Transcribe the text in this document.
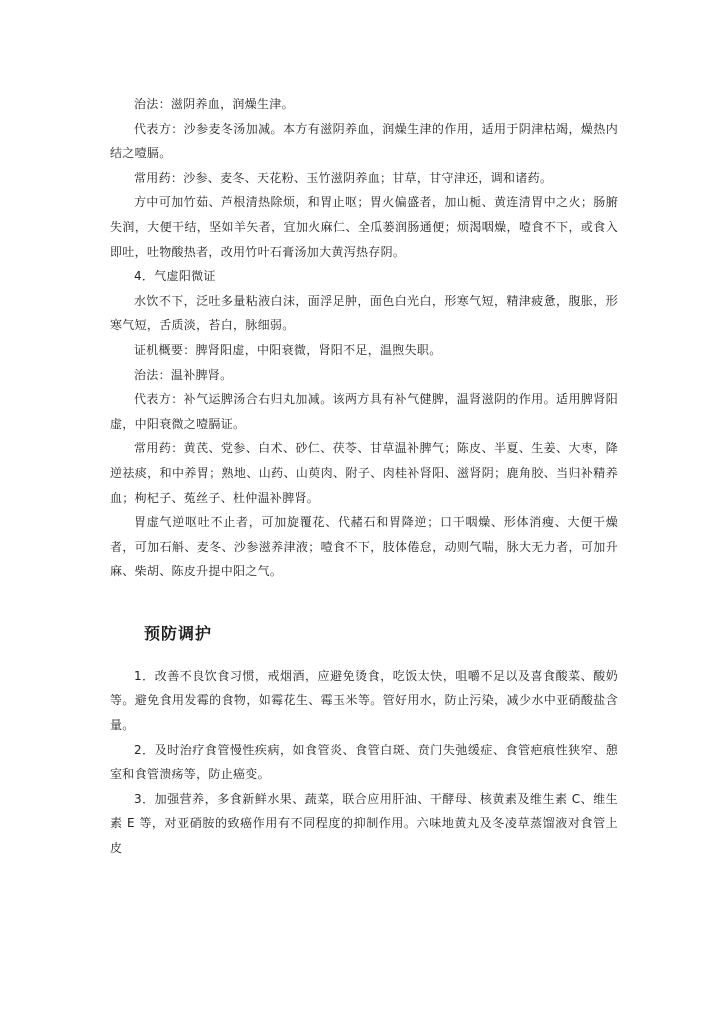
治法：滋阴养血，润燥生津。

代表方：沙参麦冬汤加减。本方有滋阴养血，润燥生津的作用，适用于阴津枯竭，燥热内结之噎膈。

常用药：沙参、麦冬、天花粉、玉竹滋阴养血；甘草，甘守津还，调和诸药。

方中可加竹茹、芦根清热除烦，和胃止呕；胃火偏盛者，加山栀、黄连清胃中之火；肠腑失润，大便干结，坚如羊矢者，宜加火麻仁、全瓜蒌润肠通便；烦渴咽燥，噎食不下，或食入即吐，吐物酸热者，改用竹叶石膏汤加大黄泻热存阴。

4．气虚阳微证

水饮不下，泛吐多量粘液白沫，面浮足肿，面色白光白，形寒气短，精津疲惫，腹胀，形寒气短，舌质淡，苔白，脉细弱。

证机概要：脾肾阳虚，中阳衰微，肾阳不足，温煦失职。

治法：温补脾肾。

代表方：补气运脾汤合右归丸加减。该两方具有补气健脾，温肾滋阴的作用。适用脾肾阳虚，中阳衰微之噎膈证。

常用药：黄芪、党参、白术、砂仁、茯苓、甘草温补脾气；陈皮、半夏、生姜、大枣，降逆祛痰，和中养胃；熟地、山药、山萸肉、附子、肉桂补肾阳、滋肾阴；鹿角胶、当归补精养血；枸杞子、菟丝子、杜仲温补脾肾。

胃虚气逆呕吐不止者，可加旋覆花、代赭石和胃降逆；口干咽燥、形体消瘦、大便干燥者，可加石斛、麦冬、沙参滋养津液；噎食不下，肢体倦怠，动则气喘，脉大无力者，可加升麻、柴胡、陈皮升提中阳之气。

预防调护

1．改善不良饮食习惯，戒烟酒，应避免烫食，吃饭太快，咀嚼不足以及喜食酸菜、酸奶等。避免食用发霉的食物，如霉花生、霉玉米等。管好用水，防止污染，减少水中亚硝酸盐含量。

2．及时治疗食管慢性疾病，如食管炎、食管白斑、贲门失弛缓症、食管疤痕性狭窄、憩室和食管溃疡等，防止癌变。

3．加强营养，多食新鲜水果、蔬菜，联合应用肝油、干酵母、核黄素及维生素 C、维生素 E 等，对亚硝胺的致癌作用有不同程度的抑制作用。六味地黄丸及冬凌草蒸馏液对食管上皮
